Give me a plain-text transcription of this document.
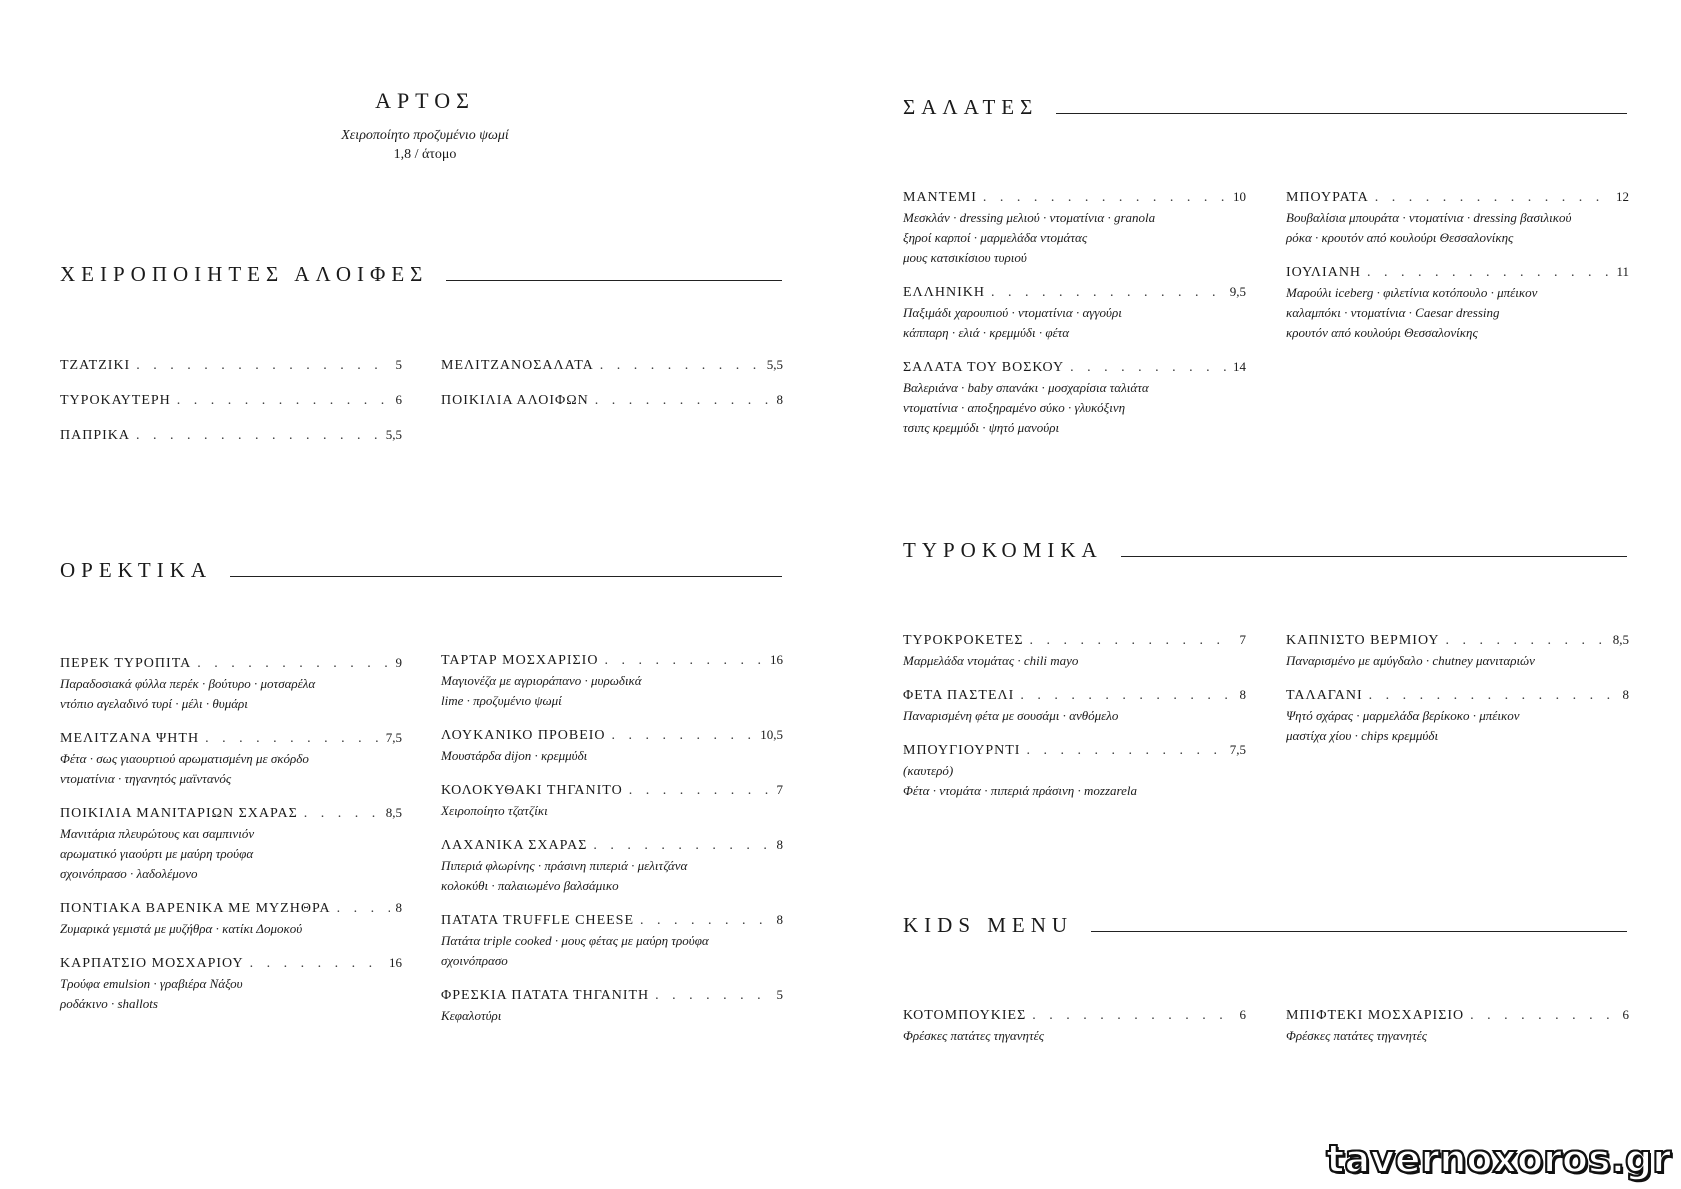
ΑΡΤΟΣ
Χειροποίητο προζυμένιο ψωμί
1,8 / άτομο
ΧΕΙΡΟΠΟΙΗΤΕΣ ΑΛΟΙΦΕΣ
ΤΖΑΤΖΙΚΙ . . .	5
ΤΥΡΟΚΑΥΤΕΡΗ . . .	6
ΠΑΠΡΙΚΑ . . .	5,5
ΜΕΛΙΤΖΑΝΟΣΑΛΑΤΑ . . .	5,5
ΠΟΙΚΙΛΙΑ ΑΛΟΙΦΩΝ . . .	8
ΟΡΕΚΤΙΚΑ
ΠΕΡΕΚ ΤΥΡΟΠΙΤΑ . . .	9
Παραδοσιακά φύλλα περέκ · βούτυρο · μοτσαρέλα
ντόπιο αγελαδινό τυρί · μέλι · θυμάρι
ΜΕΛΙΤΖΑΝΑ ΨΗΤΗ . . .	7,5
Φέτα · σως γιαουρτιού αρωματισμένη με σκόρδο
ντοματίνια · τηγανητός μαϊντανός
ΠΟΙΚΙΛΙΑ ΜΑΝΙΤΑΡΙΩΝ ΣΧΑΡΑΣ . . .	8,5
Μανιτάρια πλευρώτους και σαμπινιόν
αρωματικό γιαούρτι με μαύρη τρούφα
σχοινόπρασο · λαδολέμονο
ΠΟΝΤΙΑΚΑ ΒΑΡΕΝΙΚΑ ΜΕ ΜΥΖΗΘΡΑ . . .	8
Ζυμαρικά γεμιστά με μυζήθρα · κατίκι Δομοκού
ΚΑΡΠΑΤΣΙΟ ΜΟΣΧΑΡΙΟΥ . . .	16
Τρούφα emulsion · γραβιέρα Νάξου
ροδάκινο · shallots
ΤΑΡΤΑΡ ΜΟΣΧΑΡΙΣΙΟ . . .	16
Μαγιονέζα με αγριοράπανο · μυρωδικά
lime · προζυμένιο ψωμί
ΛΟΥΚΑΝΙΚΟ ΠΡΟΒΕΙΟ . . .	10,5
Μουστάρδα dijon · κρεμμύδι
ΚΟΛΟΚΥΘΑΚΙ ΤΗΓΑΝΙΤΟ . . .	7
Χειροποίητο τζατζίκι
ΛΑΧΑΝΙΚΑ ΣΧΑΡΑΣ . . .	8
Πιπεριά φλωρίνης · πράσινη πιπεριά · μελιτζάνα
κολοκύθι · παλαιωμένο βαλσάμικο
ΠΑΤΑΤΑ TRUFFLE CHEESE . . .	8
Πατάτα triple cooked · μους φέτας με μαύρη τρούφα
σχοινόπρασο
ΦΡΕΣΚΙΑ ΠΑΤΑΤΑ ΤΗΓΑΝΙΤΗ . . .	5
Κεφαλοτύρι
ΣΑΛΑΤΕΣ
ΜΑΝΤΕΜΙ . . .	10
Μεσκλάν · dressing μελιού · ντοματίνια · granola
ξηροί καρποί · μαρμελάδα ντομάτας
μους κατσικίσιου τυριού
ΕΛΛΗΝΙΚΗ . . .	9,5
Παξιμάδι χαρουπιού · ντοματίνια · αγγούρι
κάππαρη · ελιά · κρεμμύδι · φέτα
ΣΑΛΑΤΑ ΤΟΥ ΒΟΣΚΟΥ . . .	14
Βαλεριάνα · baby σπανάκι · μοσχαρίσια ταλιάτα
ντοματίνια · αποξηραμένο σύκο · γλυκόξινη
τσιπς κρεμμύδι · ψητό μανούρι
ΜΠΟΥΡΑΤΑ . . .	12
Βουβαλίσια μπουράτα · ντοματίνια · dressing βασιλικού
ρόκα · κρουτόν από κουλούρι Θεσσαλονίκης
ΙΟΥΛΙΑΝΗ . . .	11
Μαρούλι iceberg · φιλετίνια κοτόπουλο · μπέικον
καλαμπόκι · ντοματίνια · Caesar dressing
κρουτόν από κουλούρι Θεσσαλονίκης
ΤΥΡΟΚΟΜΙΚΑ
ΤΥΡΟΚΡΟΚΕΤΕΣ . . .	7
Μαρμελάδα ντομάτας · chili mayo
ΦΕΤΑ ΠΑΣΤΕΛΙ . . .	8
Παναρισμένη φέτα με σουσάμι · ανθόμελο
ΜΠΟΥΓΙΟΥΡΝΤΙ . . .	7,5
(καυτερό)
Φέτα · ντομάτα · πιπεριά πράσινη · mozzarela
ΚΑΠΝΙΣΤΟ ΒΕΡΜΙΟΥ . . .	8,5
Παναρισμένο με αμύγδαλο · chutney μανιταριών
ΤΑΛΑΓΑΝΙ . . .	8
Ψητό σχάρας · μαρμελάδα βερίκοκο · μπέικον
μαστίχα χίου · chips κρεμμύδι
KIDS MENU
ΚΟΤΟΜΠΟΥΚΙΕΣ . . .	6
Φρέσκες πατάτες τηγανητές
ΜΠΙΦΤΕΚΙ ΜΟΣΧΑΡΙΣΙΟ . . .	6
Φρέσκες πατάτες τηγανητές
tavernoxoros.gr
